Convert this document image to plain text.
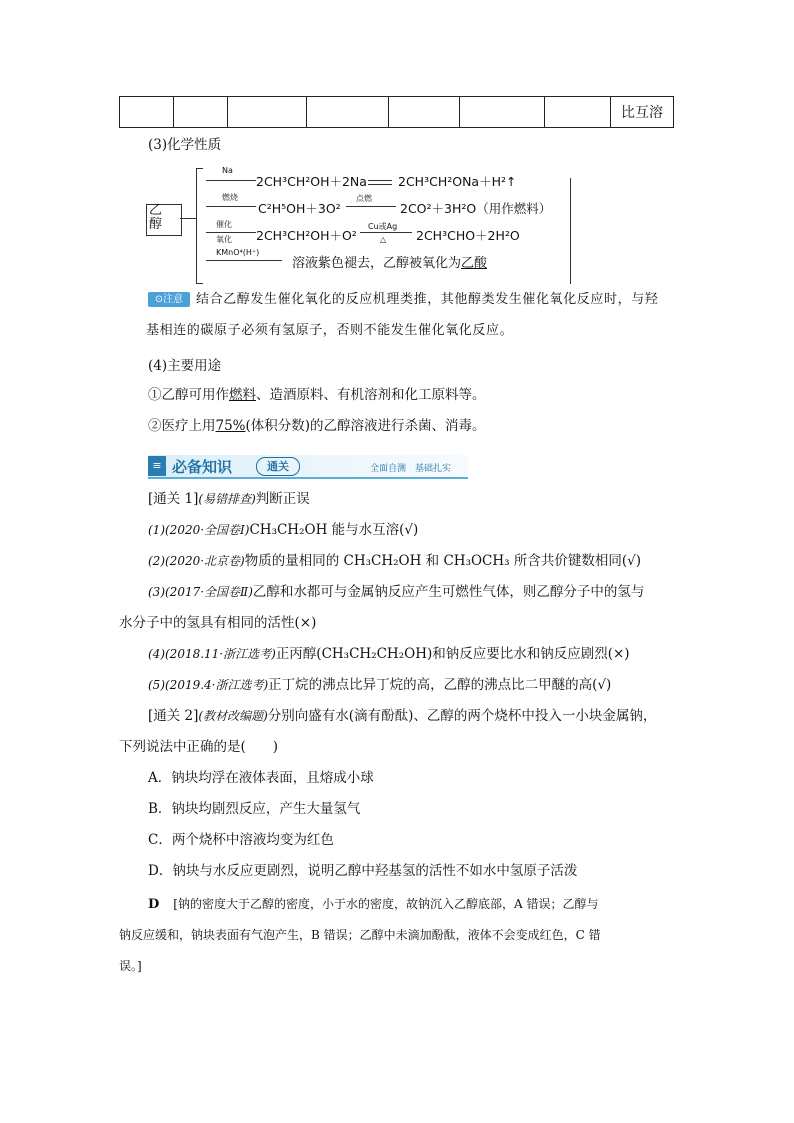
							比互溶
(3)化学性质
乙
醇
Na
2CH³CH²OH＋2Na 2CH³CH²ONa＋H²↑
燃烧
C²H⁵OH＋3O²
点燃
2CO²＋3H²O（用作燃料）
催化
氧化 2CH³CH²OH＋O²
Cu或Ag
△ 2CH³CHO＋2H²O
KMnO⁴(H⁺)
溶液紫色褪去，乙醇被氧化为乙酸
⊙注意 结合乙醇发生催化氧化的反应机理类推，其他醇类发生催化氧化反应时，与羟
基相连的碳原子必须有氢原子，否则不能发生催化氧化反应。
(4)主要用途
①乙醇可用作燃料、造酒原料、有机溶剂和化工原料等。
②医疗上用75%(体积分数)的乙醇溶液进行杀菌、消毒。
≡ 必备知识	通关	全面自测　基础扎实
[通关 1](易错排查)判断正误
(1)(2020·全国卷Ⅰ)CH₃CH₂OH 能与水互溶(√)
(2)(2020·北京卷)物质的量相同的 CH₃CH₂OH 和 CH₃OCH₃ 所含共价键数相同(√)
(3)(2017·全国卷Ⅱ)乙醇和水都可与金属钠反应产生可燃性气体，则乙醇分子中的氢与
水分子中的氢具有相同的活性(×)
(4)(2018.11·浙江选考)正丙醇(CH₃CH₂CH₂OH)和钠反应要比水和钠反应剧烈(×)
(5)(2019.4·浙江选考)正丁烷的沸点比异丁烷的高，乙醇的沸点比二甲醚的高(√)
[通关 2](教材改编题)分别向盛有水(滴有酚酞)、乙醇的两个烧杯中投入一小块金属钠，
下列说法中正确的是(　　)
A．钠块均浮在液体表面，且熔成小球
B．钠块均剧烈反应，产生大量氢气
C．两个烧杯中溶液均变为红色
D．钠块与水反应更剧烈，说明乙醇中羟基氢的活性不如水中氢原子活泼
D [钠的密度大于乙醇的密度，小于水的密度，故钠沉入乙醇底部，A 错误；乙醇与
钠反应缓和，钠块表面有气泡产生，B 错误；乙醇中未滴加酚酞，液体不会变成红色，C 错
误。]
